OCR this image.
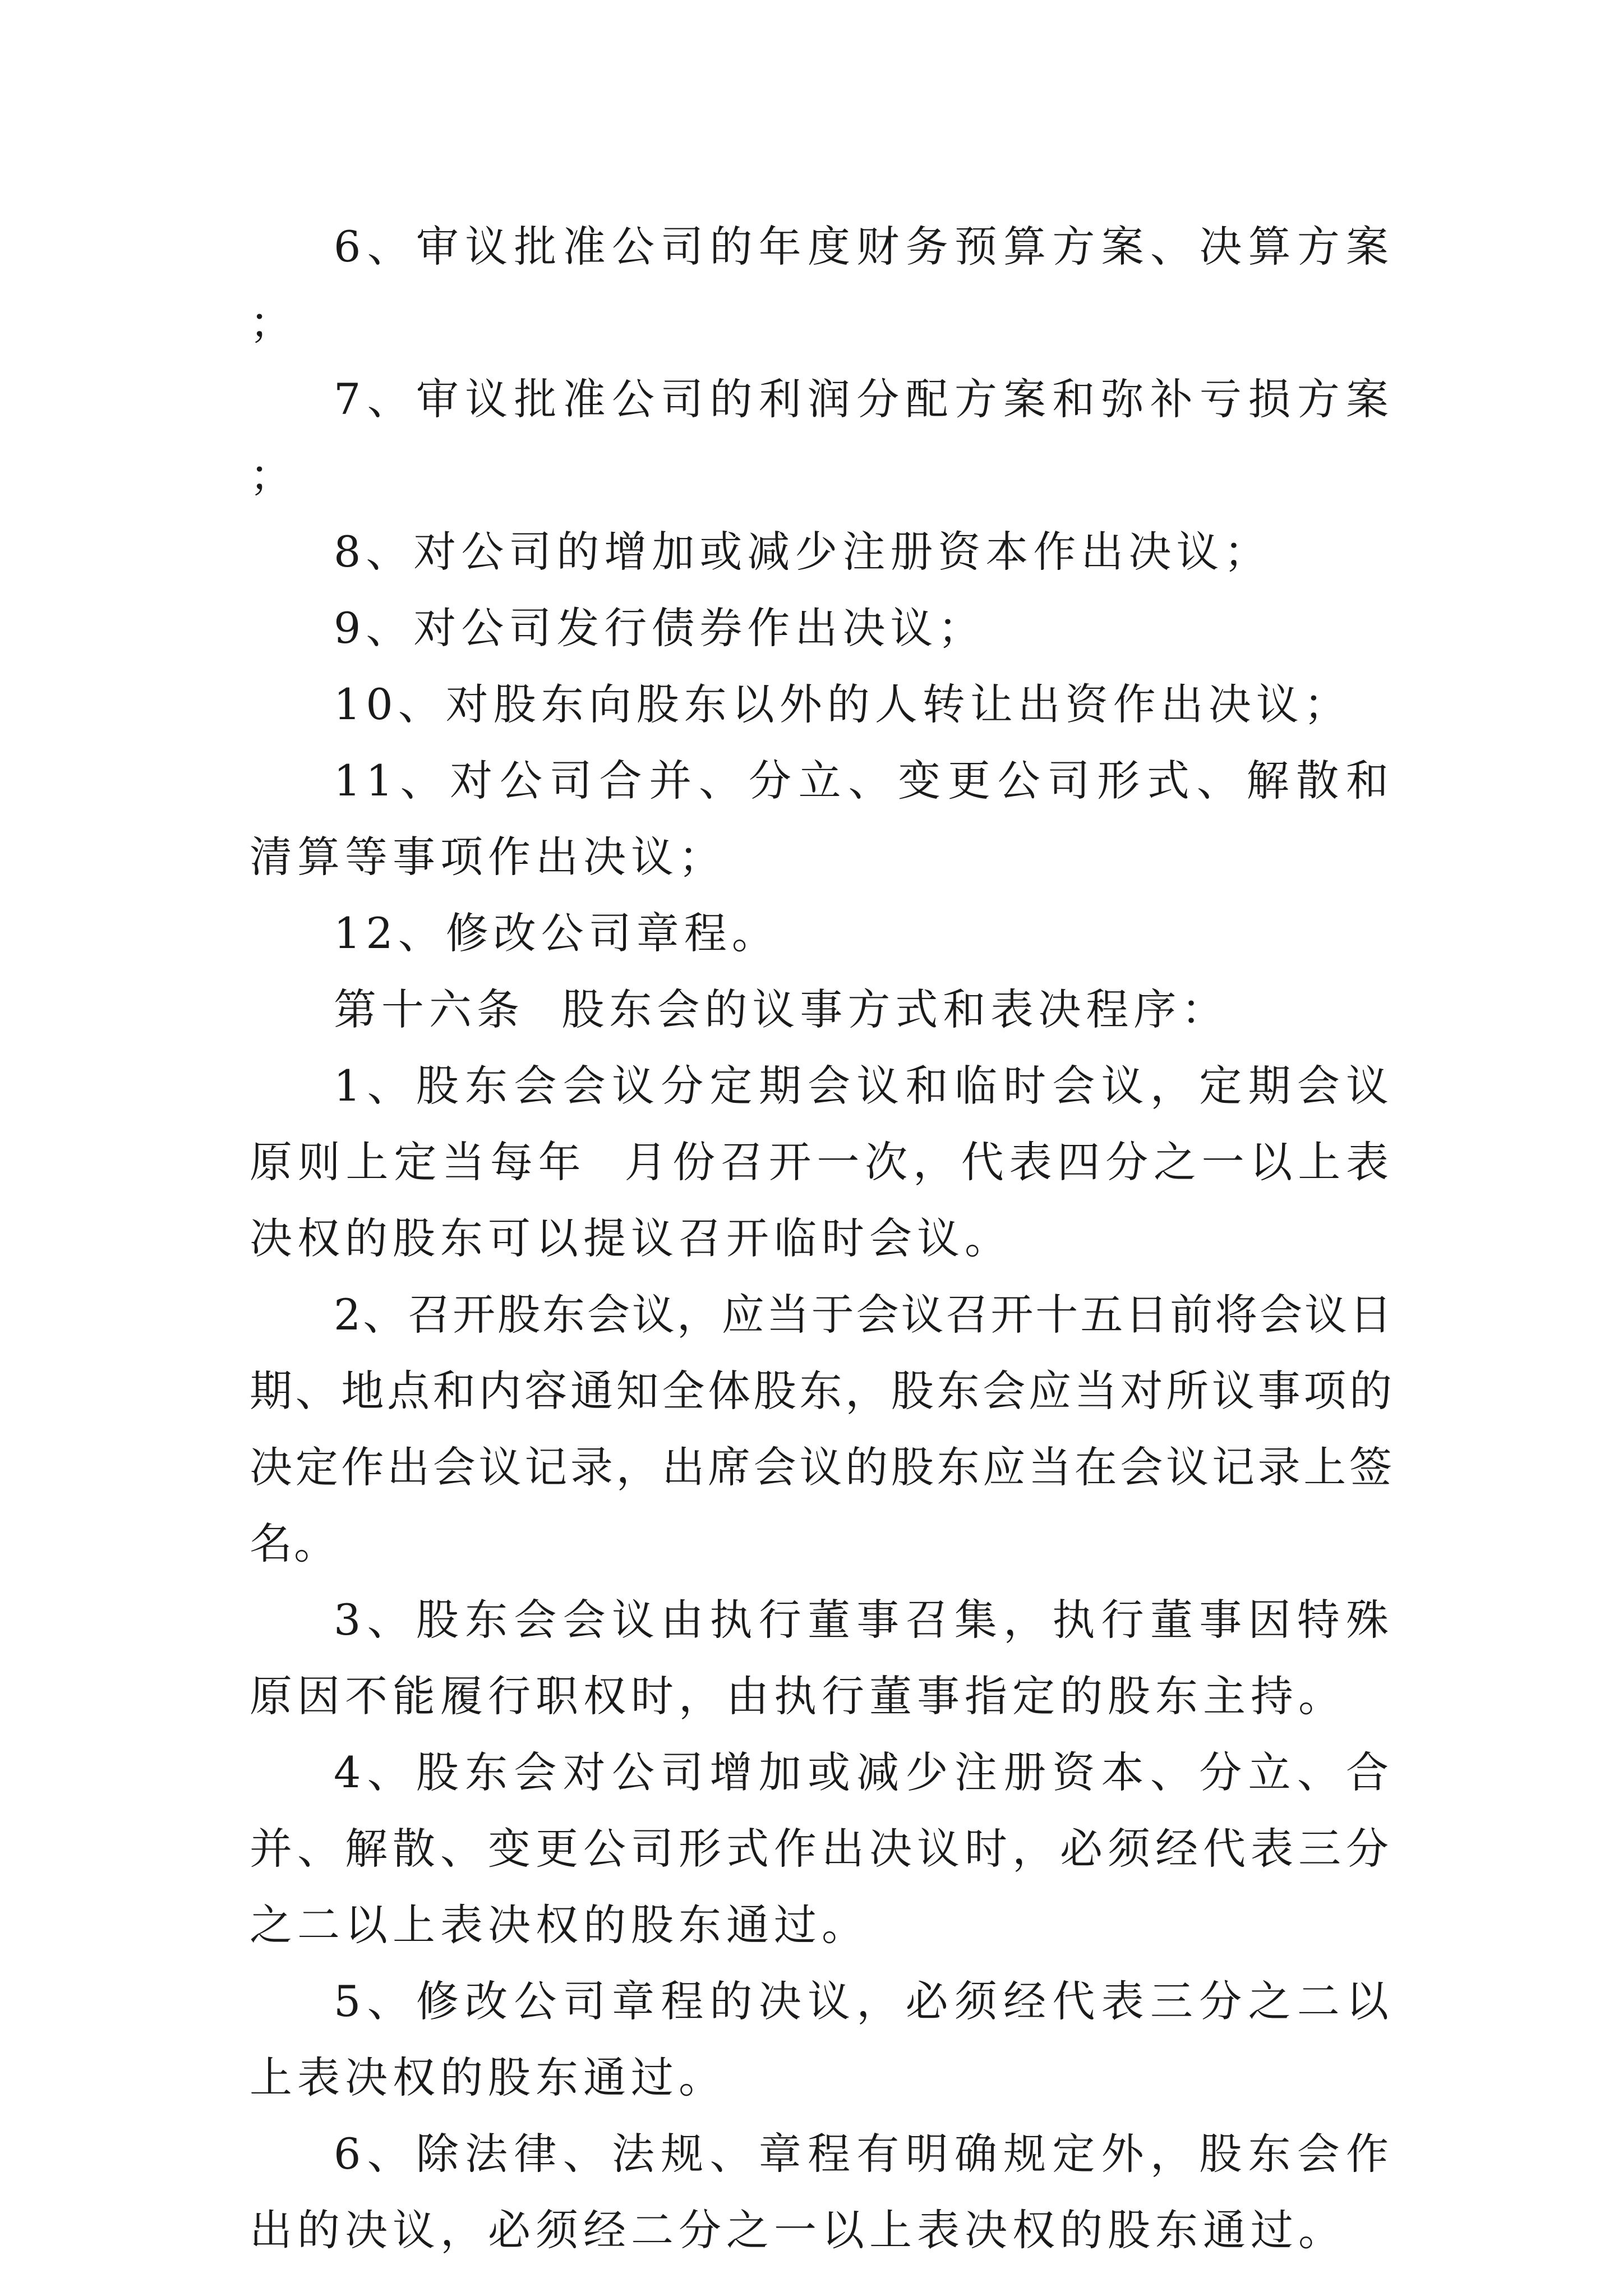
6、审议批准公司的年度财务预算方案、决算方案；

7、审议批准公司的利润分配方案和弥补亏损方案；

8、对公司的增加或减少注册资本作出决议；

9、对公司发行债券作出决议；

10、对股东向股东以外的人转让出资作出决议；

11、对公司合并、分立、变更公司形式、解散和清算等事项作出决议；

12、修改公司章程。

第十六条  股东会的议事方式和表决程序：

1、股东会会议分定期会议和临时会议，定期会议原则上定当每年  月份召开一次，代表四分之一以上表决权的股东可以提议召开临时会议。

2、召开股东会议，应当于会议召开十五日前将会议日期、地点和内容通知全体股东，股东会应当对所议事项的决定作出会议记录，出席会议的股东应当在会议记录上签名。

3、股东会会议由执行董事召集，执行董事因特殊原因不能履行职权时，由执行董事指定的股东主持。

4、股东会对公司增加或减少注册资本、分立、合并、解散、变更公司形式作出决议时，必须经代表三分之二以上表决权的股东通过。

5、修改公司章程的决议，必须经代表三分之二以上表决权的股东通过。

6、除法律、法规、章程有明确规定外，股东会作出的决议，必须经二分之一以上表决权的股东通过。
